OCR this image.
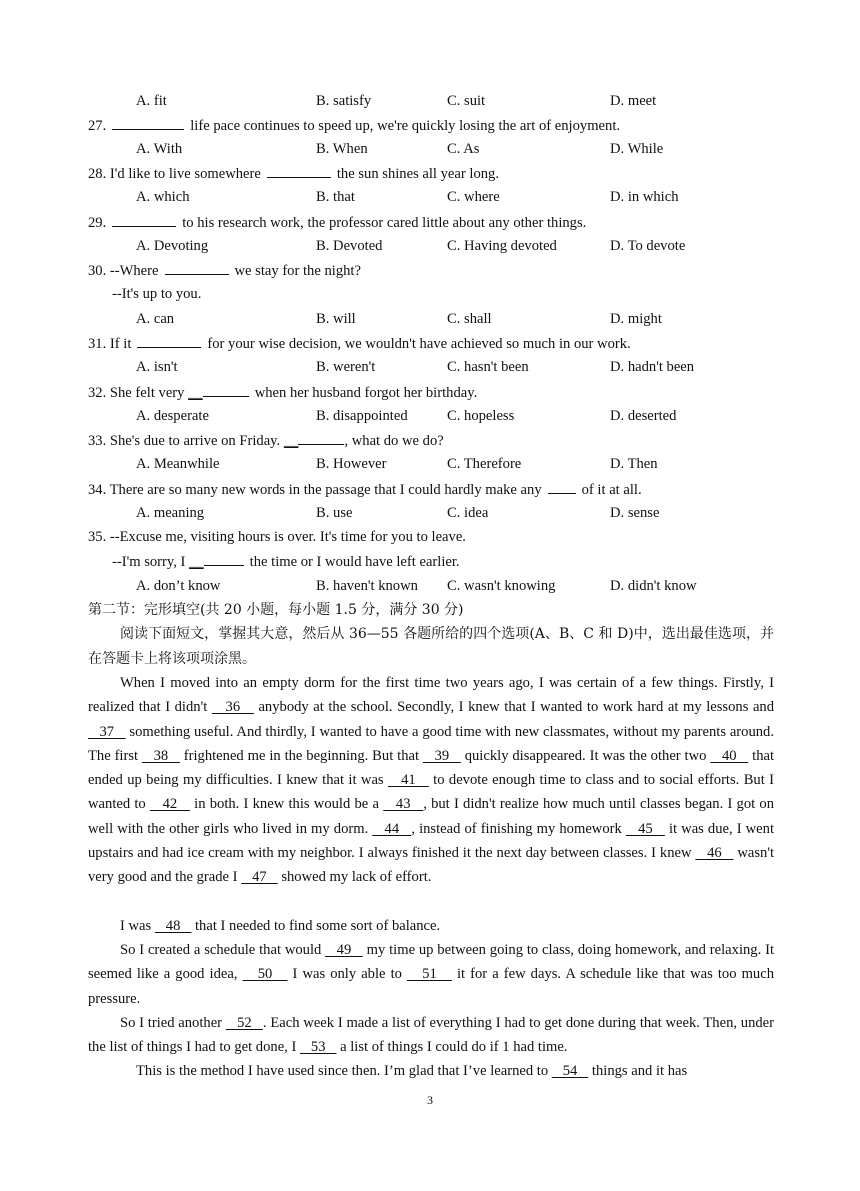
A. fit	B. satisfy	C. suit	D. meet
27.	life pace continues to speed up, we're quickly losing the art of enjoyment.
A. With	B. When	C. As	D. While
28. I'd like to live somewhere	the sun shines all year long.
A. which	B. that	C. where	D. in which
29.	to his research work, the professor cared little about any other things.
A. Devoting	B. Devoted	C. Having devoted	D. To devote
30. --Where	we stay for the night?
--It's up to you.
A. can	B. will	C. shall	D. might
31. If it	for your wise decision, we wouldn't have achieved so much in our work.
A. isn't	B. weren't	C. hasn't been	D. hadn't been
32. She felt very __	when her husband forgot her birthday.
A. desperate	B. disappointed	C. hopeless	D. deserted
33. She's due to arrive on Friday. __	, what do we do?
A. Meanwhile	B. However	C. Therefore	D. Then
34. There are so many new words in the passage that I could hardly make any	of it at all.
A. meaning	B. use	C. idea	D. sense
35. --Excuse me, visiting hours is over. It's time for you to leave.
--I'm sorry, I __	the time or I would have left earlier.
A. don’t know	B. haven't known C. wasn't knowing	D. didn't know
第二节：完形填空(共 20 小题，每小题 1.5 分，满分 30 分)
阅读下面短文，掌握其大意，然后从 36—55 各题所给的四个选项(A、B、C 和 D)中，选出最佳选项，并在答题卡上将该项项涂黑。
When I moved into an empty dorm for the first time two years ago, I was certain of a few things. Firstly, I realized that I didn't    36    anybody at the school. Secondly, I knew that I wanted to work hard at my lessons and    37    something useful. And thirdly, I wanted to have a good time with new classmates, without my parents around. The first    38    frightened me in the beginning. But that    39    quickly disappeared. It was the other two    40    that ended up being my difficulties. I knew that it was    41    to devote enough time to class and to social efforts. But I wanted to    42    in both. I knew this would be a    43   , but I didn't realize how much until classes began. I got on well with the other girls who lived in my dorm.    44   , instead of finishing my homework    45    it was due, I went upstairs and had ice cream with my neighbor. I always finished it the next day between classes. I knew    46    wasn't very good and the grade I    47    showed my lack of effort.
I was    48    that I needed to find some sort of balance.
So I created a schedule that would    49    my time up between going to class, doing homework, and relaxing. It seemed like a good idea,    50    I was only able to    51    it for a few days. A schedule like that was too much pressure.
So I tried another    52   . Each week I made a list of everything I had to get done during that week. Then, under the list of things I had to get done, I    53    a list of things I could do if 1 had time.
This is the method I have used since then. I’m glad that I’ve learned to    54    things and it has
3
